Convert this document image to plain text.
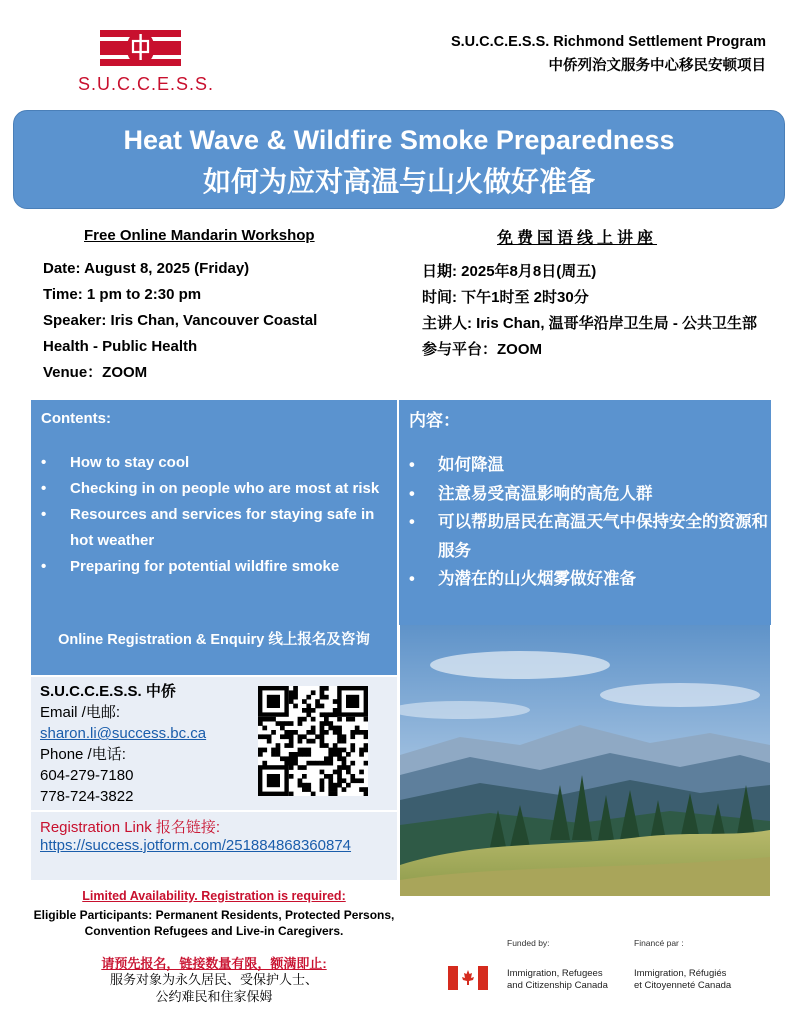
S.U.C.C.E.S.S.
S.U.C.C.E.S.S. Richmond Settlement Program
中侨列治文服务中心移民安顿项目
Heat Wave & Wildfire Smoke Preparedness
如何为应对高温与山火做好准备
Free Online Mandarin Workshop	免费国语线上讲座
Date: August 8, 2025 (Friday)
Time: 1 pm to 2:30 pm
Speaker: Iris Chan, Vancouver Coastal
Health - Public Health
Venue：ZOOM
日期: 2025年8月8日(周五)
时间: 下午1时至 2时30分
主讲人: Iris Chan, 温哥华沿岸卫生局 - 公共卫生部
参与平台：ZOOM
Contents:	内容：
• How to stay cool
• Checking in on people who are most at risk
• Resources and services for staying safe in hot weather
• Preparing for potential wildfire smoke
• 如何降温
• 注意易受高温影响的高危人群
• 可以帮助居民在高温天气中保持安全的资源和服务
• 为潜在的山火烟雾做好准备
Online Registration & Enquiry 线上报名及咨询
S.U.C.C.E.S.S. 中侨
Email /电邮:
sharon.li@success.bc.ca
Phone /电话:
604-279-7180
778-724-3822
Registration Link 报名链接:
https://success.jotform.com/251884868360874
Limited Availability. Registration is required:
Eligible Participants: Permanent Residents, Protected Persons, Convention Refugees and Live-in Caregivers.
请预先报名，链接数量有限，额满即止:
服务对象为永久居民、受保护人士、
公约难民和住家保姆
Funded by:	Financé par :
Immigration, Refugees
and Citizenship Canada
Immigration, Réfugiés
et Citoyenneté Canada
